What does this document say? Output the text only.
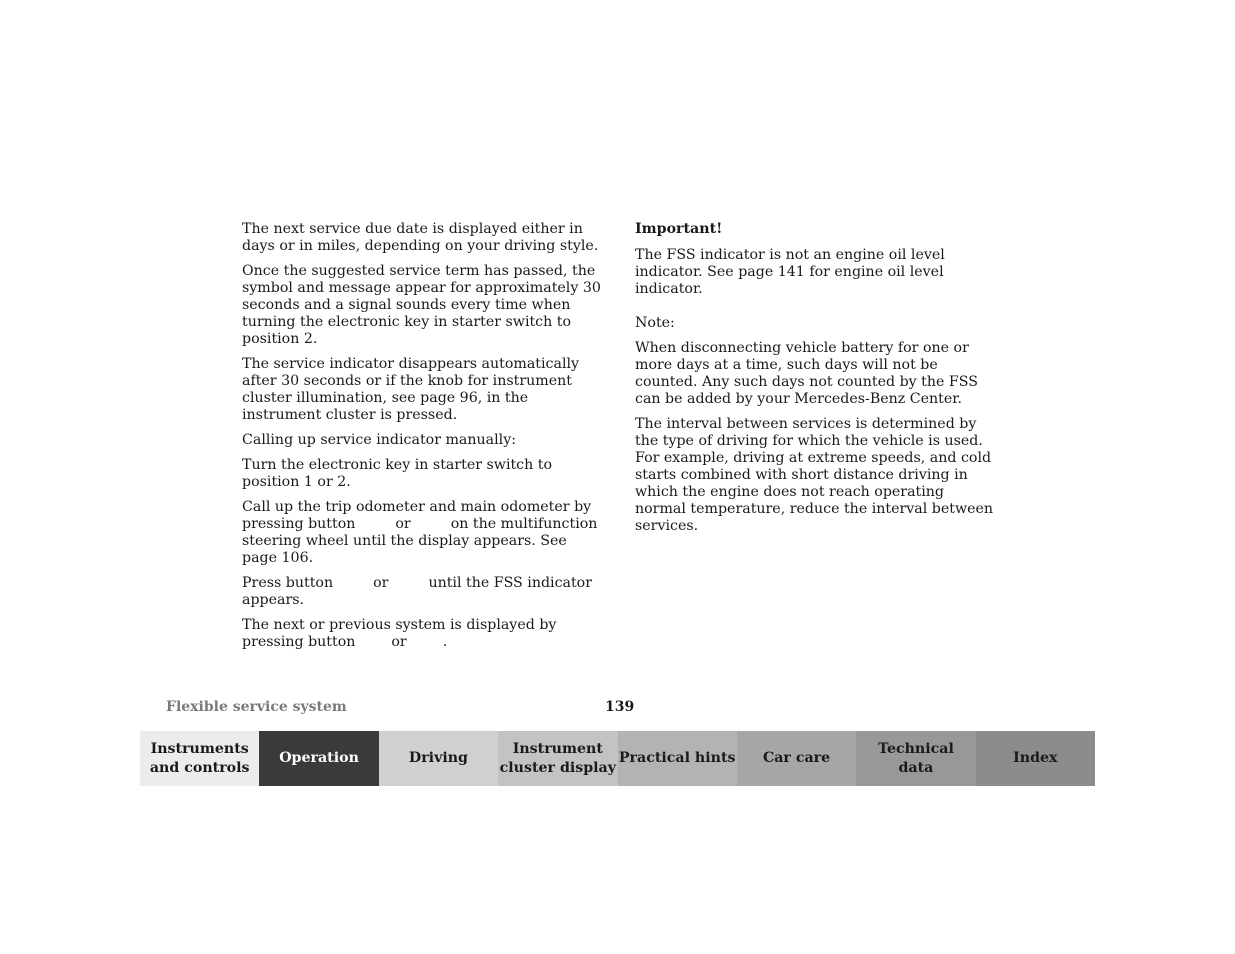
The next service due date is displayed either in days or in miles, depending on your driving style.

Once the suggested service term has passed, the symbol and message appear for approximately 30 seconds and a signal sounds every time when turning the electronic key in starter switch to position 2.

The service indicator disappears automatically after 30 seconds or if the knob for instrument cluster illumination, see page 96, in the instrument cluster is pressed.

Calling up service indicator manually:

Turn the electronic key in starter switch to position 1 or 2.

Call up the trip odometer and main odometer by pressing button	or	on the multifunction steering wheel until the display appears. See page 106.

Press button	or	until the FSS indicator appears.

The next or previous system is displayed by pressing button	or	.

Important!

The FSS indicator is not an engine oil level indicator. See page 141 for engine oil level indicator.

Note:

When disconnecting vehicle battery for one or more days at a time, such days will not be counted. Any such days not counted by the FSS can be added by your Mercedes-Benz Center.

The interval between services is determined by the type of driving for which the vehicle is used. For example, driving at extreme speeds, and cold starts combined with short distance driving in which the engine does not reach operating normal temperature, reduce the interval between services.

Flexible service system	139
Instruments
and controls
Operation	Driving
Instrument
cluster display
Practical hints	Car care
Technical
data
Index
